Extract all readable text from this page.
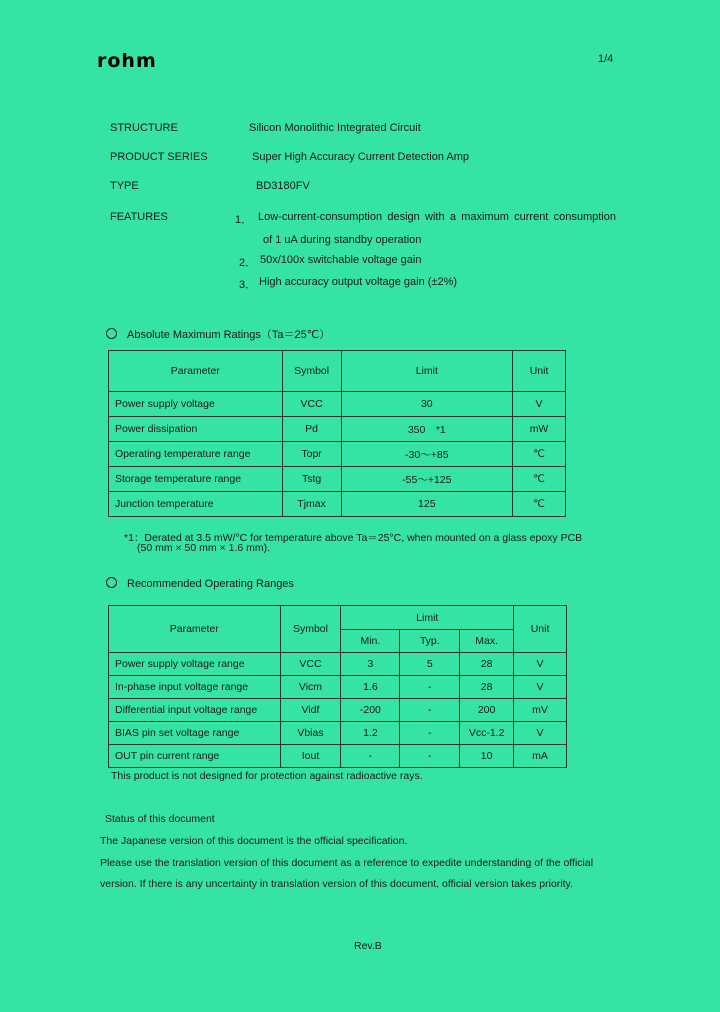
rohm	1/4
STRUCTURE	Silicon Monolithic Integrated Circuit
PRODUCT SERIES	Super High Accuracy Current Detection Amp
TYPE	BD3180FV
FEATURES	1． Low-current-consumption design with a maximum current consumption
of 1 uA during standby operation
2． 50x/100x switchable voltage gain
3． High accuracy output voltage gain (±2%)
Absolute Maximum Ratings（Ta＝25℃）
Parameter	Symbol	Limit	Unit
Power supply voltage	VCC	30	V
Power dissipation	Pd	350　*1	mW
Operating temperature range	Topr	-30～+85	℃
Storage temperature range	Tstg	-55～+125	℃
Junction temperature	Tjmax	125	℃
*1：Derated at 3.5 mW/°C for temperature above Ta＝25°C, when mounted on a glass epoxy PCB
(50 mm × 50 mm × 1.6 mm).
Recommended Operating Ranges
Parameter	Symbol	Limit			Unit
		Min.	Typ.	Max.	
Power supply voltage range	VCC	3	5	28	V
In-phase input voltage range	Vicm	1.6	-	28	V
Differential input voltage range	Vidf	-200	-	200	mV
BIAS pin set voltage range	Vbias	1.2	-	Vcc-1.2	V
OUT pin current range	Iout	-	-	10	mA
This product is not designed for protection against radioactive rays.
Status of this document
The Japanese version of this document is the official specification.
Please use the translation version of this document as a reference to expedite understanding of the official
version. If there is any uncertainty in translation version of this document, official version takes priority.
Rev.B
